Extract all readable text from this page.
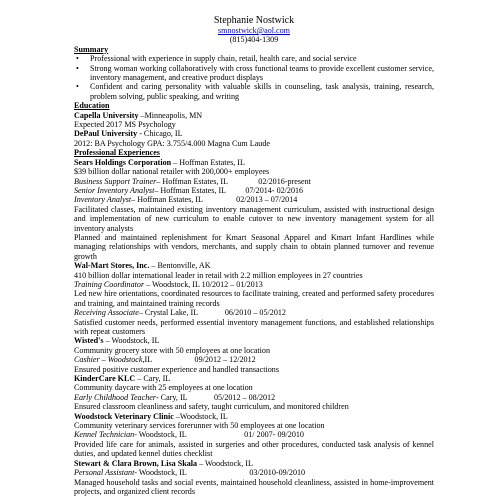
Stephanie Nostwick
smnostwick@aol.com
(815)404-1309
Summary
• Professional with experience in supply chain, retail, health care, and social service
• Strong woman working collaboratively with cross functional teams to provide excellent customer service, inventory management, and creative product displays
• Confident and caring personality with valuable skills in counseling, task analysis, training, research, problem solving, public speaking, and writing
Education
Capella University –Minneapolis, MN
Expected 2017 MS Psychology
DePaul University - Chicago, IL
2012: BA Psychology GPA: 3.755/4.000 Magna Cum Laude
Professional Experiences
Sears Holdings Corporation – Hoffman Estates, IL
$39 billion dollar national retailer with 200,000+ employees
Business Support Trainer– Hoffman Estates, IL	02/2016-present
Senior Inventory Analyst– Hoffman Estates, IL 07/2014- 02/2016
Inventory Analyst– Hoffman Estates, IL	02/2013 – 07/2014
Facilitated classes, maintained existing inventory management curriculum, assisted with instructional design and implementation of new curriculum to enable cutover to new inventory management system for all inventory analysts
Planned and maintained replenishment for Kmart Seasonal Apparel and Kmart Infant Hardlines while managing relationships with vendors, merchants, and supply chain to obtain planned turnover and revenue growth
Wal-Mart Stores, Inc. – Bentonville, AK
410 billion dollar international leader in retail with 2.2 million employees in 27 countries
Training Coordinator – Woodstock, IL 10/2012 – 01/2013
Led new hire orientations, coordinated resources to facilitate training, created and performed safety procedures and training, and maintained training records
Receiving Associate– Crystal Lake, IL	06/2010 – 05/2012
Satisfied customer needs, performed essential inventory management functions, and established relationships with repeat customers
Wisted's – Woodstock, IL
Community grocery store with 50 employees at one location
Cashier – Woodstock,IL	09/2012 – 12/2012
Ensured positive customer experience and handled transactions
KinderCare KLC – Cary, IL
Community daycare with 25 employees at one location
Early Childhood Teacher- Cary, IL	05/2012 – 08/2012
Ensured classroom cleanliness and safety, taught curriculum, and monitored children
Woodstock Veterinary Clinic –Woodstock, IL
Community veterinary services forerunner with 50 employees at one location
Kennel Technician- Woodstock, IL	01/ 2007- 09/2010
Provided life care for animals, assisted in surgeries and other procedures, conducted task analysis of kennel duties, and updated kennel duties checklist
Stewart & Clara Brown, Lisa Skala – Woodstock, IL
Personal Assistant- Woodstock, IL	03/2010-09/2010
Managed household tasks and social events, maintained household cleanliness, assisted in home-improvement projects, and organized client records
